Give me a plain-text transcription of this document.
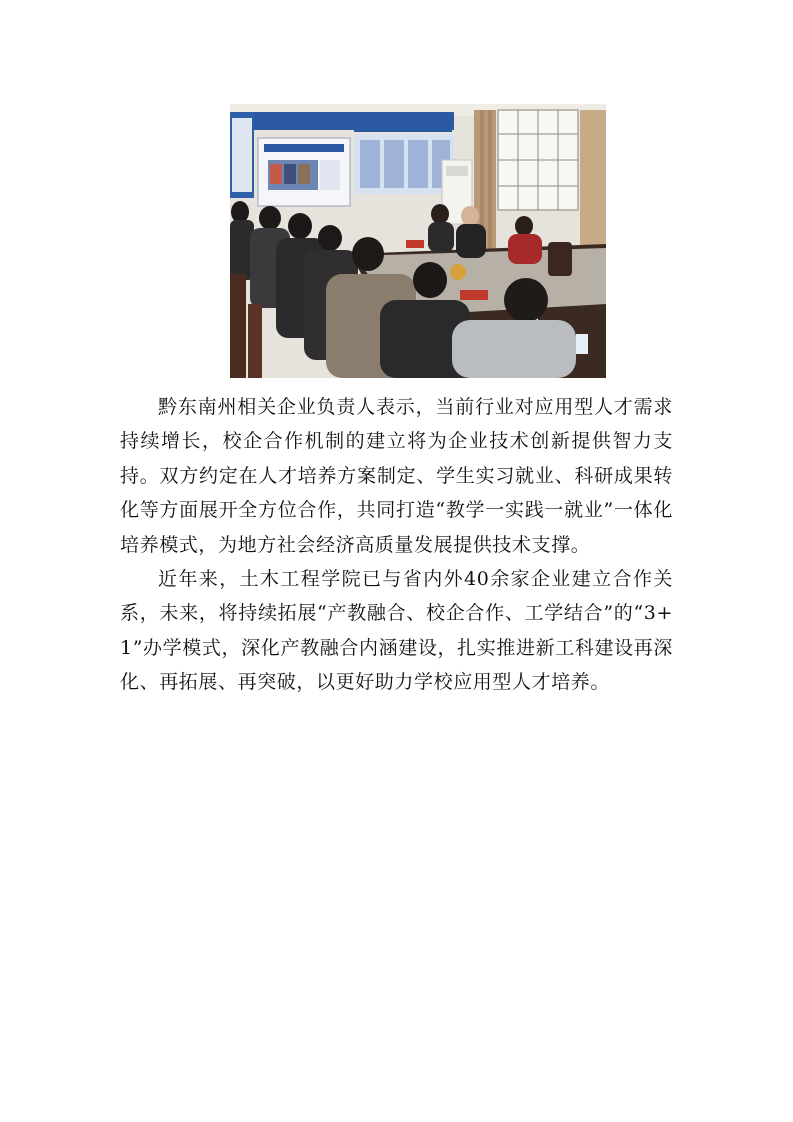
黔东南州相关企业负责人表示，当前行业对应用型人才需求持续增长，校企合作机制的建立将为企业技术创新提供智力支持。双方约定在人才培养方案制定、学生实习就业、科研成果转化等方面展开全方位合作，共同打造“教学一实践一就业”一体化培养模式，为地方社会经济高质量发展提供技术支撑。

近年来，土木工程学院已与省内外40余家企业建立合作关系，未来，将持续拓展“产教融合、校企合作、工学结合”的“3+1”办学模式，深化产教融合内涵建设，扎实推进新工科建设再深化、再拓展、再突破，以更好助力学校应用型人才培养。
